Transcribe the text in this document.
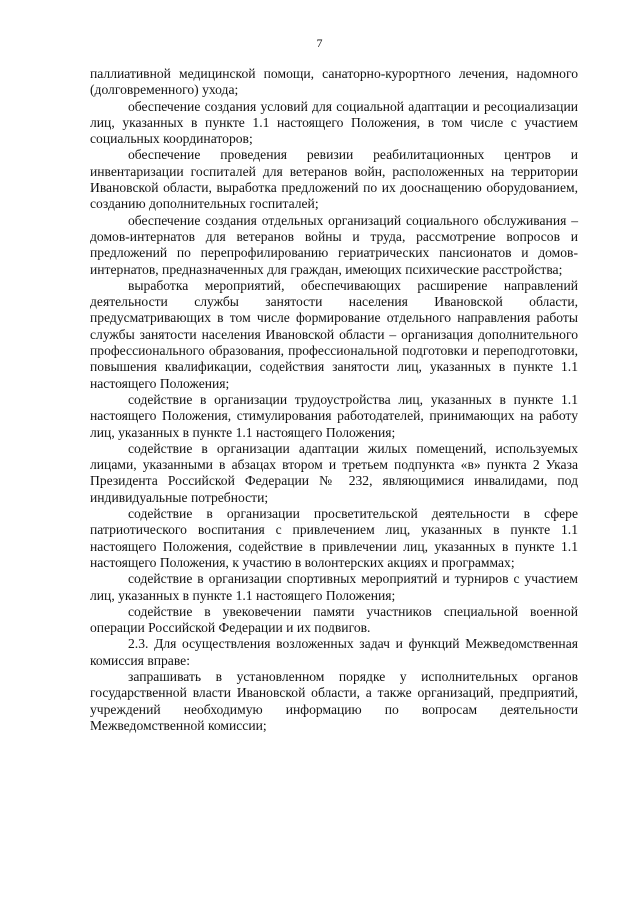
7

паллиативной медицинской помощи, санаторно-курортного лечения, надомного (долговременного) ухода;

обеспечение создания условий для социальной адаптации и ресоциализации лиц, указанных в пункте 1.1 настоящего Положения, в том числе с участием социальных координаторов;

обеспечение проведения ревизии реабилитационных центров и инвентаризации госпиталей для ветеранов войн, расположенных на территории Ивановской области, выработка предложений по их дооснащению оборудованием, созданию дополнительных госпиталей;

обеспечение создания отдельных организаций социального обслуживания – домов-интернатов для ветеранов войны и труда, рассмотрение вопросов и предложений по перепрофилированию гериатрических пансионатов и домов-интернатов, предназначенных для граждан, имеющих психические расстройства;

выработка мероприятий, обеспечивающих расширение направлений деятельности службы занятости населения Ивановской области, предусматривающих в том числе формирование отдельного направления работы службы занятости населения Ивановской области – организация дополнительного профессионального образования, профессиональной подготовки и переподготовки, повышения квалификации, содействия занятости лиц, указанных в пункте 1.1 настоящего Положения;

содействие в организации трудоустройства лиц, указанных в пункте 1.1 настоящего Положения, стимулирования работодателей, принимающих на работу лиц, указанных в пункте 1.1 настоящего Положения;

содействие в организации адаптации жилых помещений, используемых лицами, указанными в абзацах втором и третьем подпункта «в» пункта 2 Указа Президента Российской Федерации № 232, являющимися инвалидами, под индивидуальные потребности;

содействие в организации просветительской деятельности в сфере патриотического воспитания с привлечением лиц, указанных в пункте 1.1 настоящего Положения, содействие в привлечении лиц, указанных в пункте 1.1 настоящего Положения, к участию в волонтерских акциях и программах;

содействие в организации спортивных мероприятий и турниров с участием лиц, указанных в пункте 1.1 настоящего Положения;

содействие в увековечении памяти участников специальной военной операции Российской Федерации и их подвигов.

2.3. Для осуществления возложенных задач и функций Межведомственная комиссия вправе:

запрашивать в установленном порядке у исполнительных органов государственной власти Ивановской области, а также организаций, предприятий, учреждений необходимую информацию по вопросам деятельности Межведомственной комиссии;
